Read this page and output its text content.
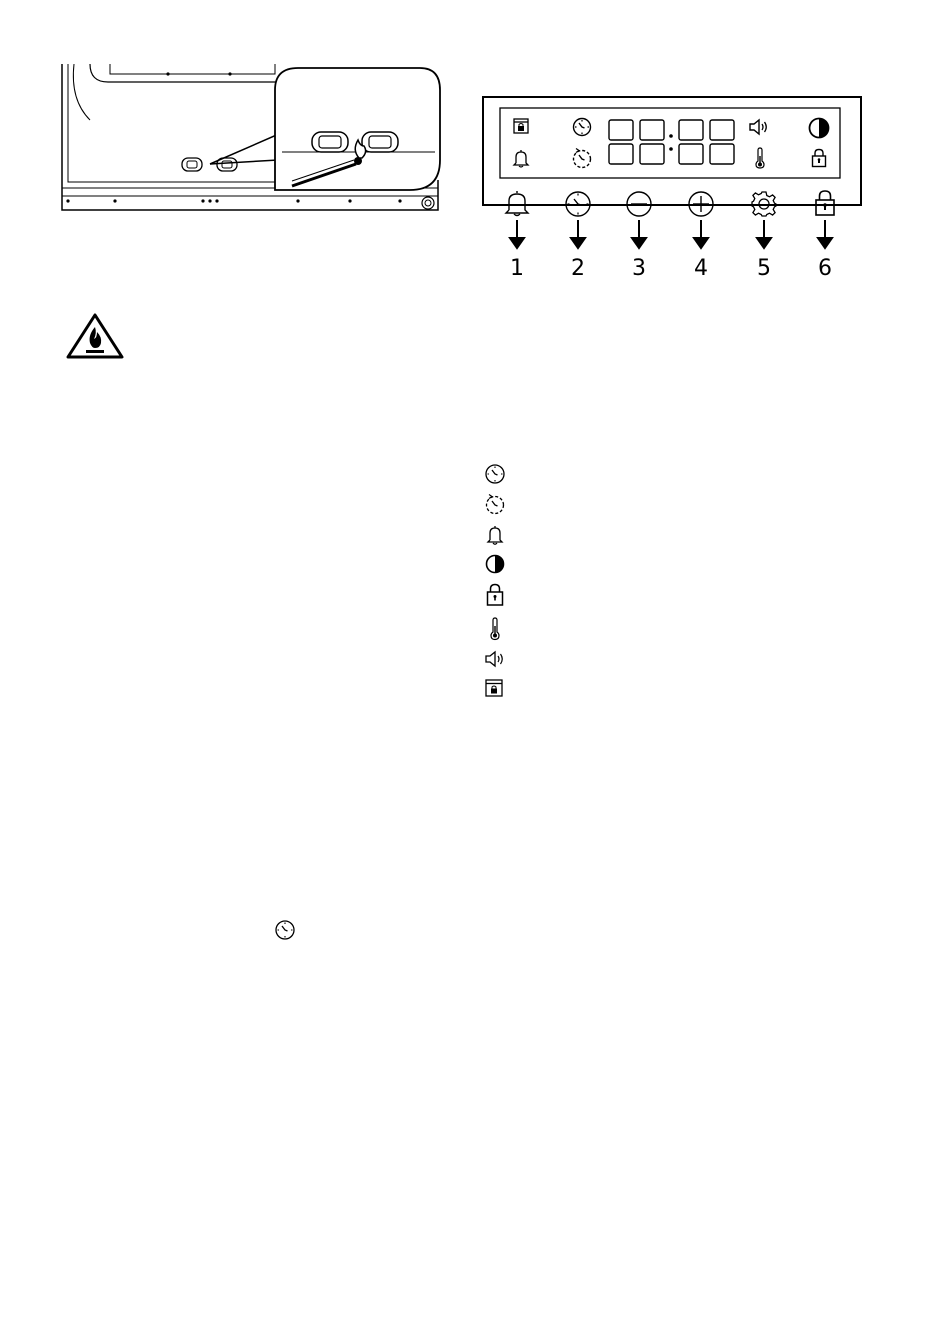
1	2	3	4	5	6
